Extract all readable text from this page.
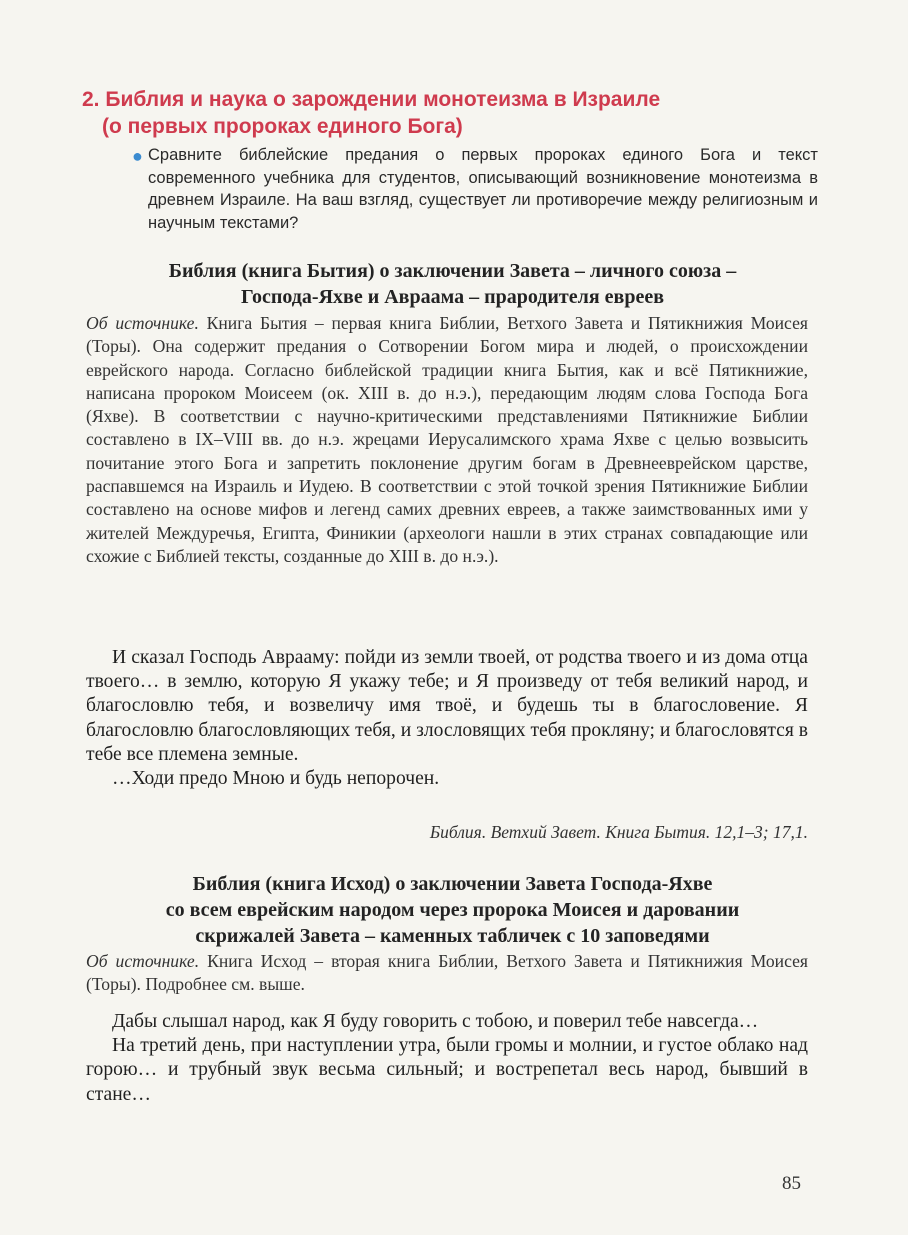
2. Библия и наука о зарождении монотеизма в Израиле
(о первых пророках единого Бога)
● Сравните библейские предания о первых пророках единого Бога и текст современного учебника для студентов, описывающий возникновение монотеизма в древнем Израиле. На ваш взгляд, существует ли противоречие между религиозным и научным текстами?
Библия (книга Бытия) о заключении Завета – личного союза –
Господа-Яхве и Авраама – прародителя евреев
Об источнике. Книга Бытия – первая книга Библии, Ветхого Завета и Пятикнижия Моисея (Торы). Она содержит предания о Сотворении Богом мира и людей, о происхождении еврейского народа. Согласно библейской традиции книга Бытия, как и всё Пятикнижие, написана пророком Моисеем (ок. XIII в. до н.э.), передающим людям слова Господа Бога (Яхве). В соответствии с научно-критическими представлениями Пятикнижие Библии составлено в IX–VIII вв. до н.э. жрецами Иерусалимского храма Яхве с целью возвысить почитание этого Бога и запретить поклонение другим богам в Древнееврейском царстве, распавшемся на Израиль и Иудею. В соответствии с этой точкой зрения Пятикнижие Библии составлено на основе мифов и легенд самих древних евреев, а также заимствованных ими у жителей Междуречья, Египта, Финикии (археологи нашли в этих странах совпадающие или схожие с Библией тексты, созданные до XIII в. до н.э.).

И сказал Господь Аврааму: пойди из земли твоей, от родства твоего и из дома отца твоего… в землю, которую Я укажу тебе; и Я произведу от тебя великий народ, и благословлю тебя, и возвеличу имя твоё, и будешь ты в благословение. Я благословлю благословляющих тебя, и злословящих тебя прокляну; и благословятся в тебе все племена земные.

…Ходи предо Мною и будь непорочен.

Библия. Ветхий Завет. Книга Бытия. 12,1–3; 17,1.
Библия (книга Исход) о заключении Завета Господа-Яхве
со всем еврейским народом через пророка Моисея и даровании
скрижалей Завета – каменных табличек с 10 заповедями
Об источнике. Книга Исход – вторая книга Библии, Ветхого Завета и Пятикнижия Моисея (Торы). Подробнее см. выше.

Дабы слышал народ, как Я буду говорить с тобою, и поверил тебе навсегда…

На третий день, при наступлении утра, были громы и молнии, и густое облако над горою… и трубный звук весьма сильный; и вострепетал весь народ, бывший в стане…

85
